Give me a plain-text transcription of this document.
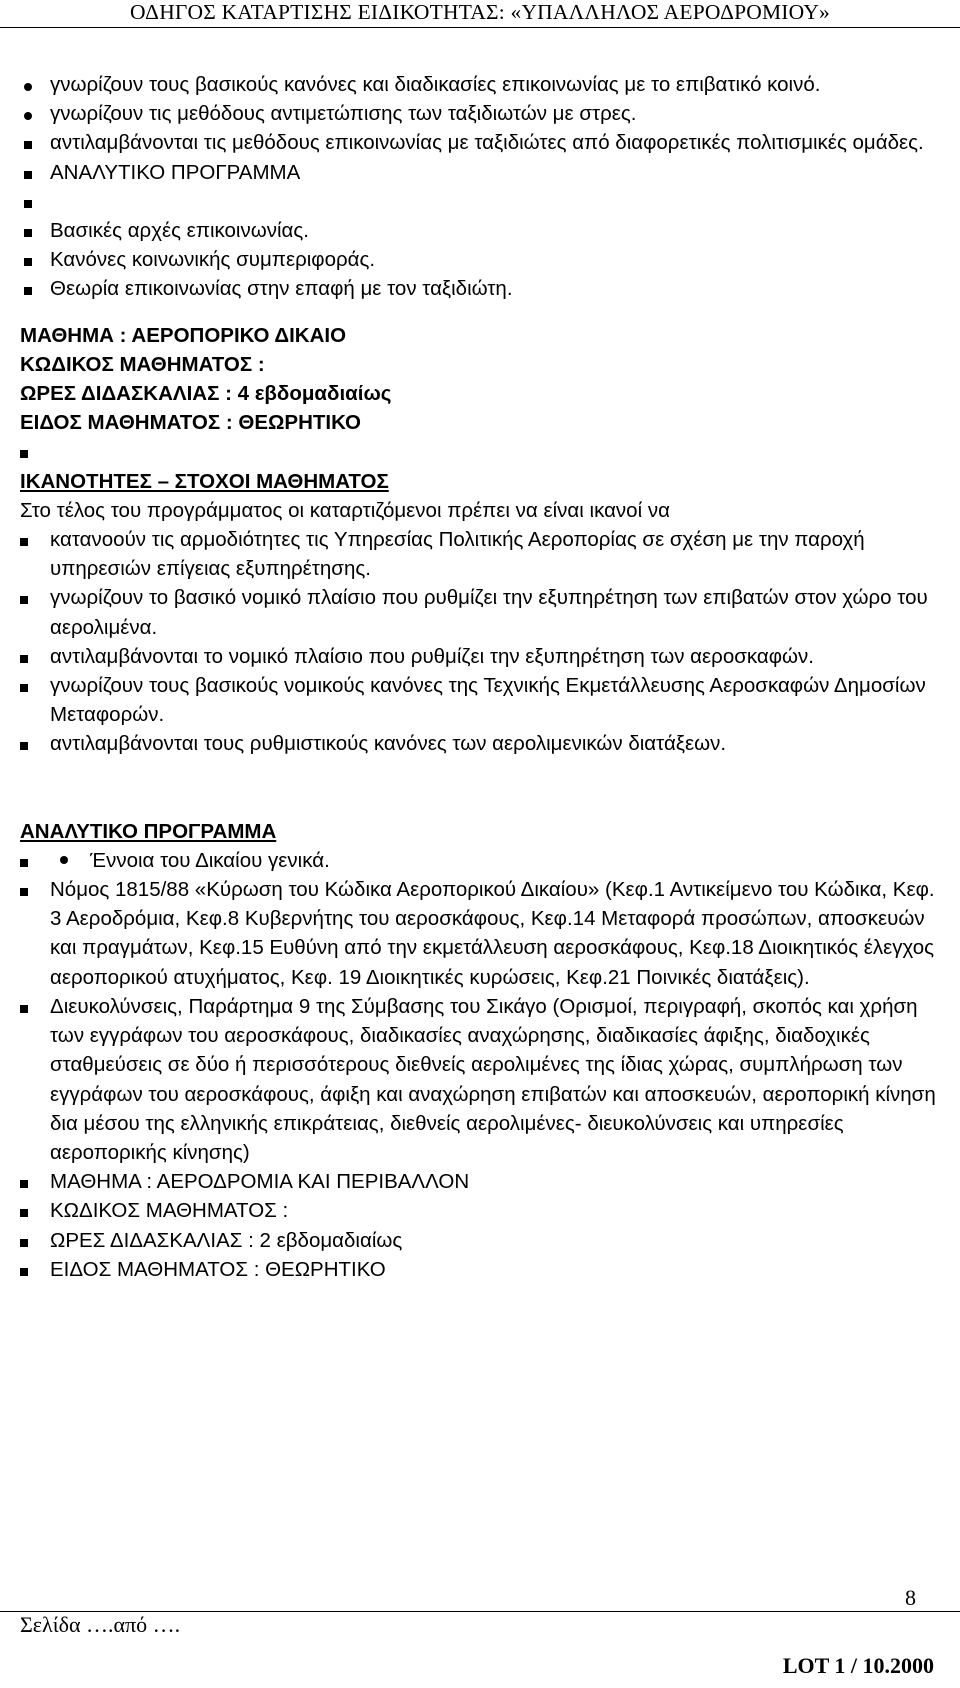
ΟΔΗΓΟΣ ΚΑΤΑΡΤΙΣΗΣ ΕΙΔΙΚΟΤΗΤΑΣ: «ΥΠΑΛΛΗΛΟΣ ΑΕΡΟΔΡΟΜΙΟΥ»
γνωρίζουν τους βασικούς κανόνες και διαδικασίες επικοινωνίας με το επιβατικό κοινό.
γνωρίζουν τις μεθόδους αντιμετώπισης των ταξιδιωτών με στρες.
αντιλαμβάνονται τις μεθόδους επικοινωνίας με ταξιδιώτες από διαφορετικές πολιτισμικές ομάδες.
ΑΝΑΛΥΤΙΚΟ ΠΡΟΓΡΑΜΜΑ

Βασικές αρχές επικοινωνίας.
Κανόνες κοινωνικής συμπεριφοράς.
Θεωρία επικοινωνίας στην επαφή με τον ταξιδιώτη.
ΜΑΘΗΜΑ : ΑΕΡΟΠΟΡΙΚΟ ΔΙΚΑΙΟ
ΚΩΔΙΚΟΣ ΜΑΘΗΜΑΤΟΣ :
ΩΡΕΣ ΔΙΔΑΣΚΑΛΙΑΣ : 4 εβδομαδιαίως
ΕΙΔΟΣ ΜΑΘΗΜΑΤΟΣ : ΘΕΩΡΗΤΙΚΟ

ΙΚΑΝΟΤΗΤΕΣ – ΣΤΟΧΟΙ ΜΑΘΗΜΑΤΟΣ
Στο τέλος του προγράμματος οι καταρτιζόμενοι πρέπει να είναι ικανοί να
κατανοούν τις αρμοδιότητες τις Υπηρεσίας Πολιτικής Αεροπορίας σε σχέση με την παροχή υπηρεσιών επίγειας εξυπηρέτησης.
γνωρίζουν το βασικό νομικό πλαίσιο που ρυθμίζει την εξυπηρέτηση των επιβατών στον χώρο του αερολιμένα.
αντιλαμβάνονται το νομικό πλαίσιο που ρυθμίζει την εξυπηρέτηση των αεροσκαφών.
γνωρίζουν τους βασικούς νομικούς κανόνες της Τεχνικής Εκμετάλλευσης Αεροσκαφών Δημοσίων Μεταφορών.
αντιλαμβάνονται τους ρυθμιστικούς κανόνες των αερολιμενικών διατάξεων.
ΑΝΑΛΥΤΙΚΟ ΠΡΟΓΡΑΜΜΑ
Έννοια του Δικαίου γενικά.
Νόμος 1815/88 «Κύρωση του Κώδικα Αεροπορικού Δικαίου» (Κεφ.1 Αντικείμενο του Κώδικα, Κεφ. 3 Αεροδρόμια, Κεφ.8 Κυβερνήτης του αεροσκάφους, Κεφ.14 Μεταφορά προσώπων, αποσκευών και πραγμάτων, Κεφ.15 Ευθύνη από την εκμετάλλευση αεροσκάφους, Κεφ.18 Διοικητικός έλεγχος αεροπορικού ατυχήματος, Κεφ. 19 Διοικητικές κυρώσεις, Κεφ.21 Ποινικές διατάξεις).
Διευκολύνσεις, Παράρτημα 9 της Σύμβασης του Σικάγο (Ορισμοί, περιγραφή, σκοπός και χρήση των εγγράφων του αεροσκάφους, διαδικασίες αναχώρησης, διαδικασίες άφιξης, διαδοχικές σταθμεύσεις σε δύο ή περισσότερους διεθνείς αερολιμένες της ίδιας χώρας, συμπλήρωση των εγγράφων του αεροσκάφους, άφιξη και αναχώρηση επιβατών και αποσκευών, αεροπορική κίνηση δια μέσου της ελληνικής επικράτειας, διεθνείς αερολιμένες- διευκολύνσεις και υπηρεσίες αεροπορικής κίνησης)
ΜΑΘΗΜΑ : ΑΕΡΟΔΡΟΜΙΑ ΚΑΙ ΠΕΡΙΒΑΛΛΟΝ
ΚΩΔΙΚΟΣ ΜΑΘΗΜΑΤΟΣ :
ΩΡΕΣ ΔΙΔΑΣΚΑΛΙΑΣ : 2 εβδομαδιαίως
ΕΙΔΟΣ ΜΑΘΗΜΑΤΟΣ : ΘΕΩΡΗΤΙΚΟ
8
Σελίδα ….από ….
LOT 1 / 10.2000
